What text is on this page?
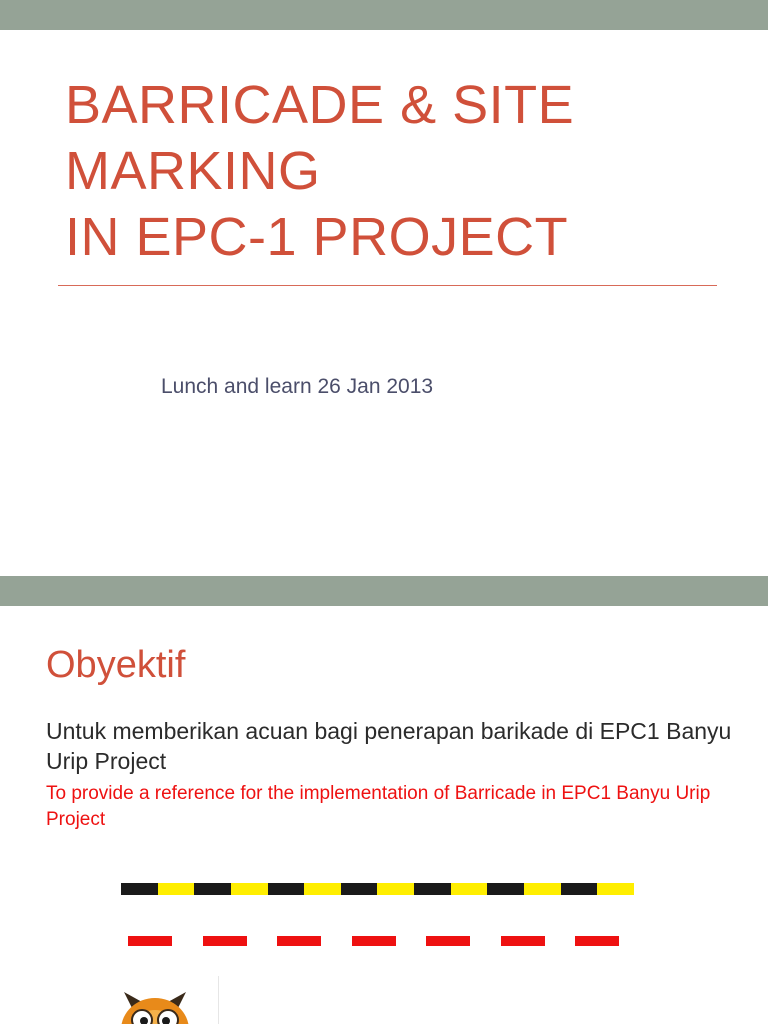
BARRICADE & SITE
MARKING
IN EPC-1 PROJECT
Lunch and learn 26 Jan 2013
Obyektif
Untuk memberikan acuan bagi penerapan barikade di EPC1 Banyu Urip Project
To provide a reference for the implementation of Barricade in EPC1 Banyu Urip Project
